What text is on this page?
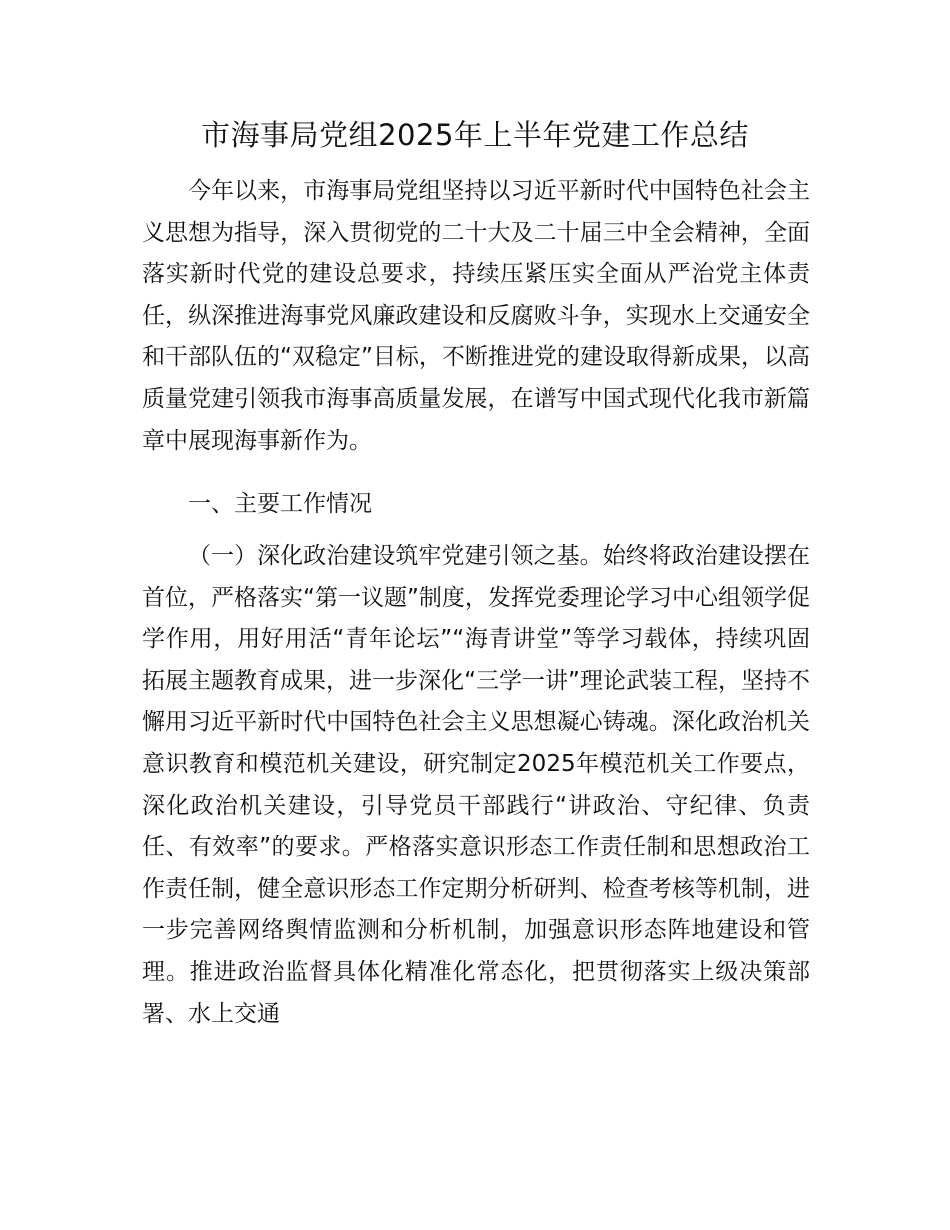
市海事局党组2025年上半年党建工作总结

今年以来，市海事局党组坚持以习近平新时代中国特色社会主义思想为指导，深入贯彻党的二十大及二十届三中全会精神，全面落实新时代党的建设总要求，持续压紧压实全面从严治党主体责任，纵深推进海事党风廉政建设和反腐败斗争，实现水上交通安全和干部队伍的“双稳定”目标，不断推进党的建设取得新成果，以高质量党建引领我市海事高质量发展，在谱写中国式现代化我市新篇章中展现海事新作为。

一、主要工作情况

（一）深化政治建设筑牢党建引领之基。始终将政治建设摆在首位，严格落实“第一议题”制度，发挥党委理论学习中心组领学促学作用，用好用活“青年论坛”“海青讲堂”等学习载体，持续巩固拓展主题教育成果，进一步深化“三学一讲”理论武装工程，坚持不懈用习近平新时代中国特色社会主义思想凝心铸魂。深化政治机关意识教育和模范机关建设，研究制定2025年模范机关工作要点，深化政治机关建设，引导党员干部践行“讲政治、守纪律、负责任、有效率”的要求。严格落实意识形态工作责任制和思想政治工作责任制，健全意识形态工作定期分析研判、检查考核等机制，进一步完善网络舆情监测和分析机制，加强意识形态阵地建设和管理。推进政治监督具体化精准化常态化，把贯彻落实上级决策部署、水上交通
